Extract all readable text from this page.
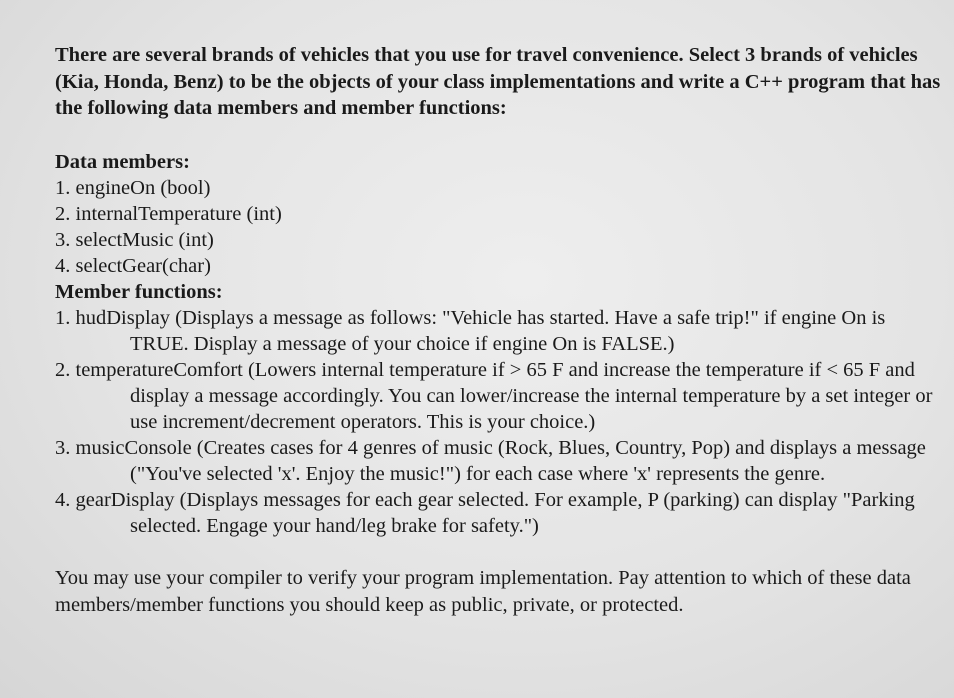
There are several brands of vehicles that you use for travel convenience. Select 3 brands of vehicles (Kia, Honda, Benz) to be the objects of your class implementations and write a C++ program that has the following data members and member functions:

Data members:

1. engineOn (bool)
2. internalTemperature (int)
3. selectMusic (int)
4. selectGear(char)

Member functions:

1. hudDisplay (Displays a message as follows: "Vehicle has started. Have a safe trip!" if engine On is TRUE. Display a message of your choice if engine On is FALSE.)
2. temperatureComfort (Lowers internal temperature if > 65 F and increase the temperature if < 65 F and display a message accordingly. You can lower/increase the internal temperature by a set integer or use increment/decrement operators. This is your choice.)
3. musicConsole (Creates cases for 4 genres of music (Rock, Blues, Country, Pop) and displays a message ("You've selected 'x'. Enjoy the music!") for each case where 'x' represents the genre.
4. gearDisplay (Displays messages for each gear selected. For example, P (parking) can display "Parking selected. Engage your hand/leg brake for safety.")

You may use your compiler to verify your program implementation. Pay attention to which of these data members/member functions you should keep as public, private, or protected.
